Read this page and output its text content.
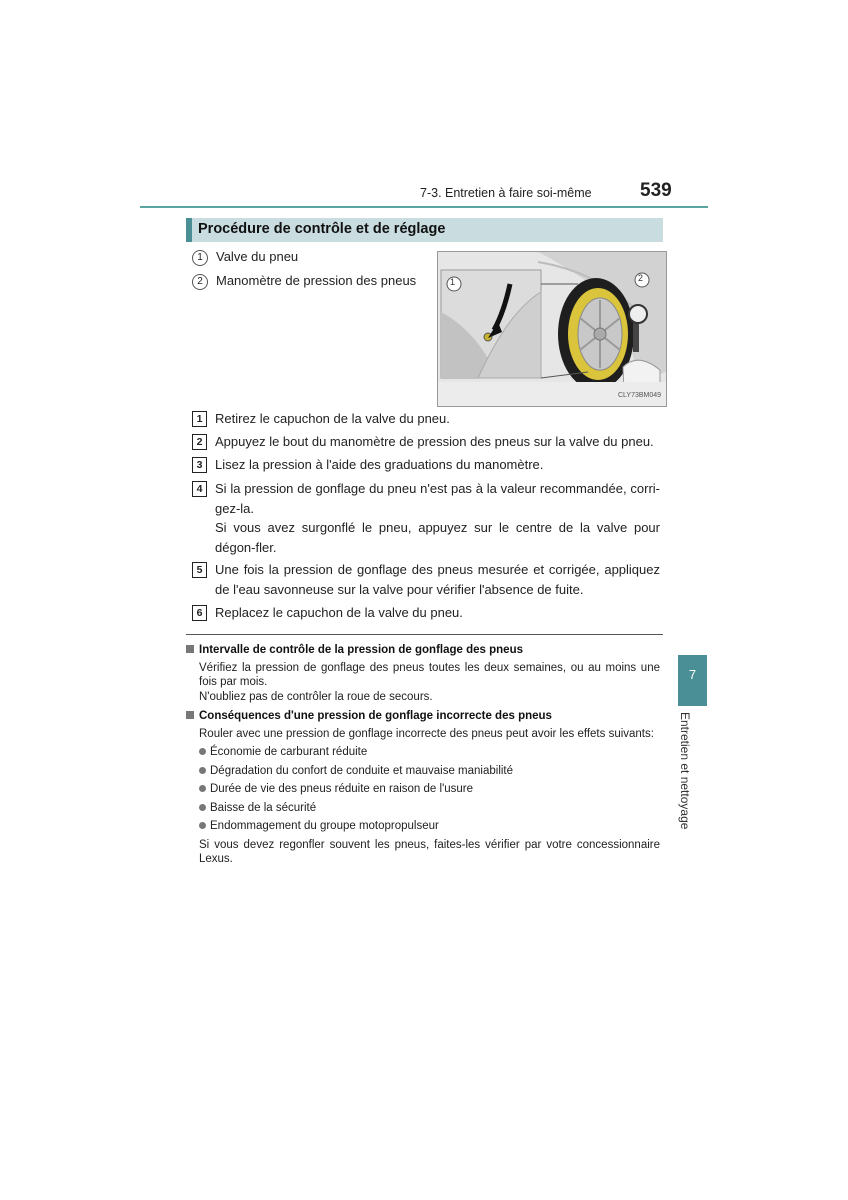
7-3. Entretien à faire soi-même	539
Procédure de contrôle et de réglage
1 Valve du pneu
2 Manomètre de pression des pneus	1	2
CLY73BM049
1 Retirez le capuchon de la valve du pneu.
2 Appuyez le bout du manomètre de pression des pneus sur la valve du pneu.
3 Lisez la pression à l'aide des graduations du manomètre.
4 Si la pression de gonflage du pneu n'est pas à la valeur recommandée, corri-gez-la.
Si vous avez surgonflé le pneu, appuyez sur le centre de la valve pour dégon-fler.
5 Une fois la pression de gonflage des pneus mesurée et corrigée, appliquez de l'eau savonneuse sur la valve pour vérifier l'absence de fuite.
6 Replacez le capuchon de la valve du pneu.
Intervalle de contrôle de la pression de gonflage des pneus
Vérifiez la pression de gonflage des pneus toutes les deux semaines, ou au moins une fois par mois.
N'oubliez pas de contrôler la roue de secours.
Conséquences d'une pression de gonflage incorrecte des pneus
Rouler avec une pression de gonflage incorrecte des pneus peut avoir les effets suivants:
Économie de carburant réduite
Dégradation du confort de conduite et mauvaise maniabilité
Durée de vie des pneus réduite en raison de l'usure
Baisse de la sécurité
Endommagement du groupe motopropulseur
Si vous devez regonfler souvent les pneus, faites-les vérifier par votre concessionnaire Lexus.
7
Entretien et nettoyage
